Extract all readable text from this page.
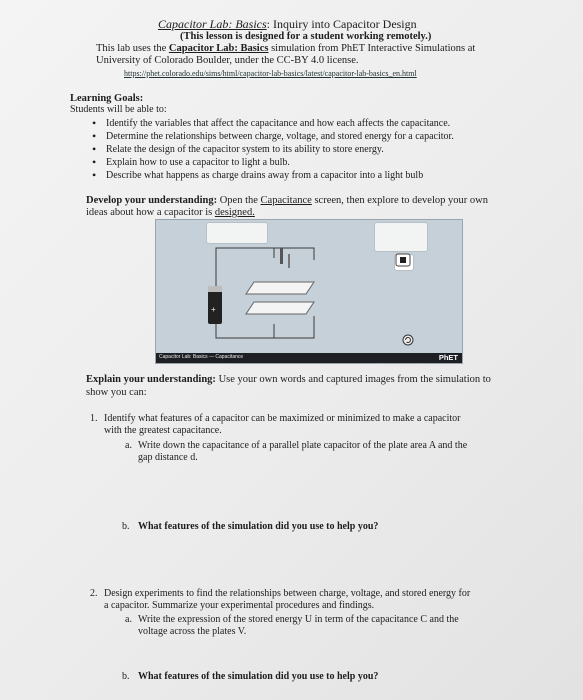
Capacitor Lab: Basics: Inquiry into Capacitor Design
(This lesson is designed for a student working remotely.)
This lab uses the Capacitor Lab: Basics simulation from PhET Interactive Simulations at
University of Colorado Boulder, under the CC-BY 4.0 license.
https://phet.colorado.edu/sims/html/capacitor-lab-basics/latest/capacitor-lab-basics_en.html
Learning Goals:
Students will be able to:
• Identify the variables that affect the capacitance and how each affects the capacitance.
• Determine the relationships between charge, voltage, and stored energy for a capacitor.
• Relate the design of the capacitor system to its ability to store energy.
• Explain how to use a capacitor to light a bulb.
• Describe what happens as charge drains away from a capacitor into a light bulb
Develop your understanding: Open the Capacitance screen, then explore to develop your own
ideas about how a capacitor is designed.
+
Capacitor Lab: Basics — Capacitance	PhET
Explain your understanding: Use your own words and captured images from the simulation to
show you can:
1. Identify what features of a capacitor can be maximized or minimized to make a capacitor
with the greatest capacitance.
a. Write down the capacitance of a parallel plate capacitor of the plate area A and the
gap distance d.
b. What features of the simulation did you use to help you?
2. Design experiments to find the relationships between charge, voltage, and stored energy for
a capacitor. Summarize your experimental procedures and findings.
a. Write the expression of the stored energy U in term of the capacitance C and the
voltage across the plates V.
b. What features of the simulation did you use to help you?
